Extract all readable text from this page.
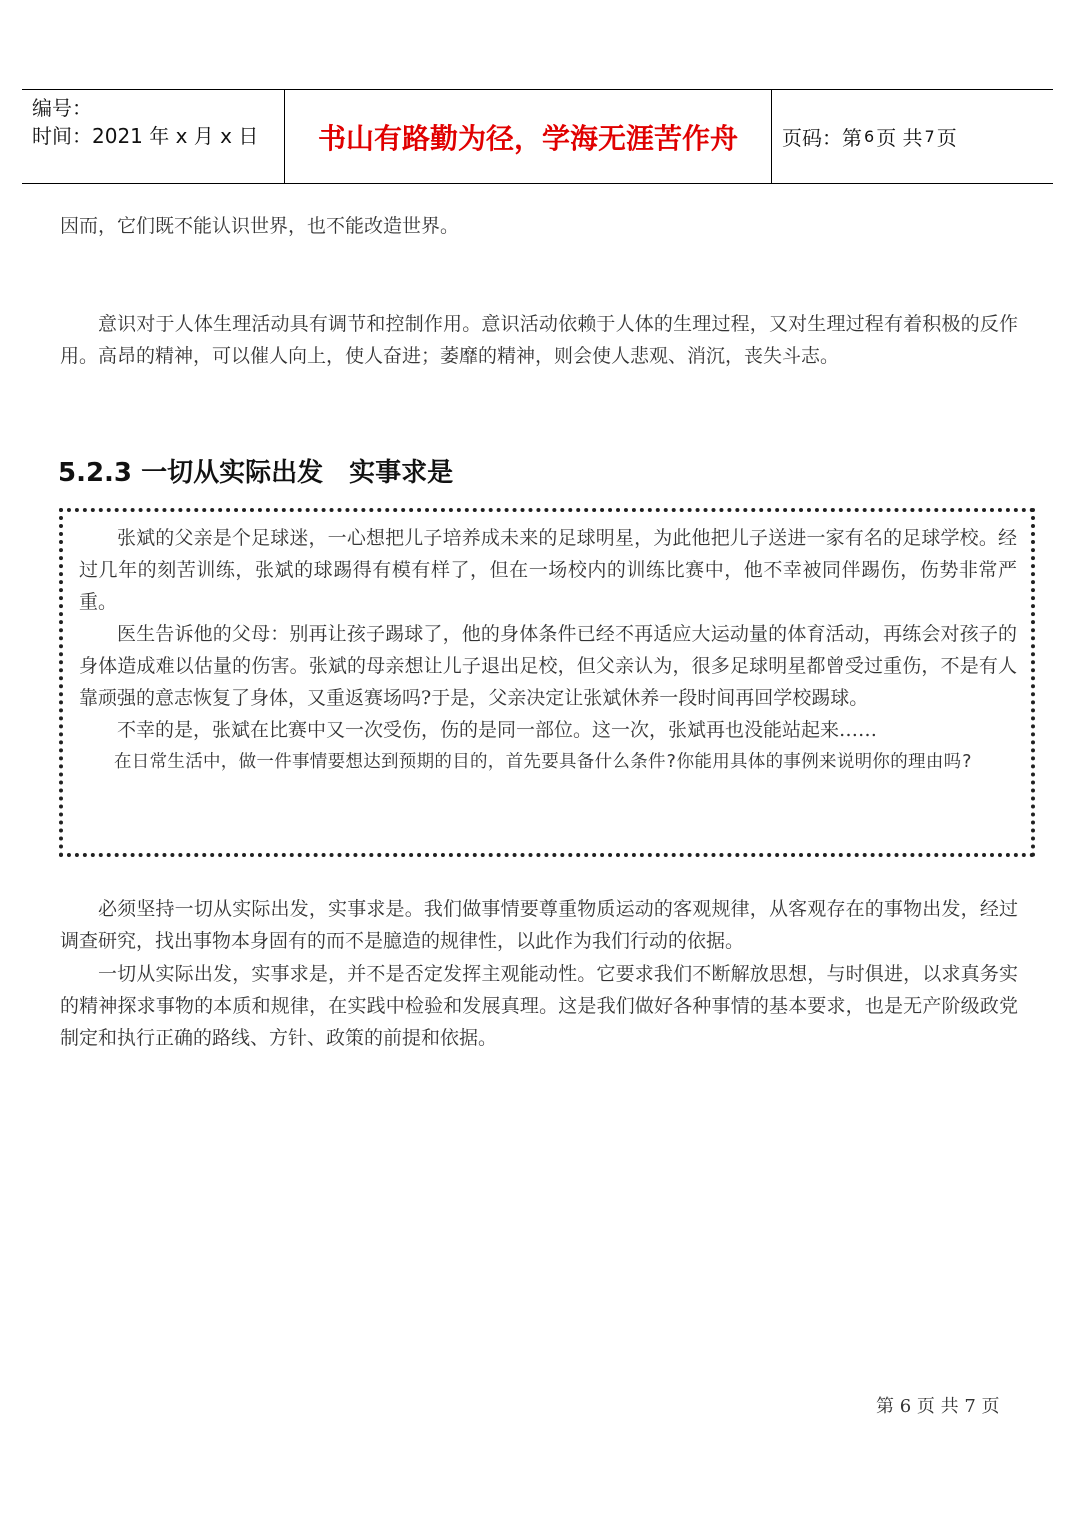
编号：
时间：2021 年 x 月 x 日	书山有路勤为径，学海无涯苦作舟	页码：第 6 页 共 7 页
因而，它们既不能认识世界，也不能改造世界。
意识对于人体生理活动具有调节和控制作用。意识活动依赖于人体的生理过程，又对生理过程有着积极的反作用。高昂的精神，可以催人向上，使人奋进；萎靡的精神，则会使人悲观、消沉，丧失斗志。
5.2.3 一切从实际出发　实事求是

张斌的父亲是个足球迷，一心想把儿子培养成未来的足球明星，为此他把儿子送进一家有名的足球学校。经过几年的刻苦训练，张斌的球踢得有模有样了，但在一场校内的训练比赛中，他不幸被同伴踢伤，伤势非常严重。

医生告诉他的父母：别再让孩子踢球了，他的身体条件已经不再适应大运动量的体育活动，再练会对孩子的身体造成难以估量的伤害。张斌的母亲想让儿子退出足校，但父亲认为，很多足球明星都曾受过重伤，不是有人靠顽强的意志恢复了身体，又重返赛场吗?于是，父亲决定让张斌休养一段时间再回学校踢球。

不幸的是，张斌在比赛中又一次受伤，伤的是同一部位。这一次，张斌再也没能站起来……

在日常生活中，做一件事情要想达到预期的目的，首先要具备什么条件?你能用具体的事例来说明你的理由吗?

必须坚持一切从实际出发，实事求是。我们做事情要尊重物质运动的客观规律，从客观存在的事物出发，经过调查研究，找出事物本身固有的而不是臆造的规律性，以此作为我们行动的依据。
一切从实际出发，实事求是，并不是否定发挥主观能动性。它要求我们不断解放思想，与时俱进，以求真务实的精神探求事物的本质和规律，在实践中检验和发展真理。这是我们做好各种事情的基本要求，也是无产阶级政党制定和执行正确的路线、方针、政策的前提和依据。
第 6 页 共 7 页
